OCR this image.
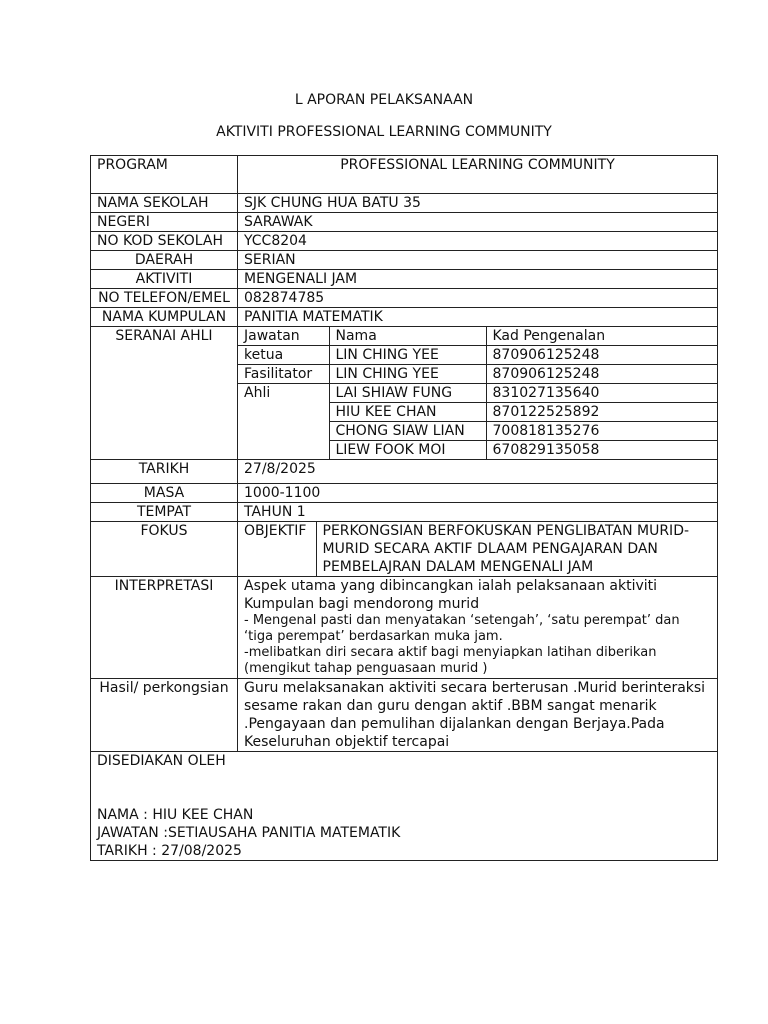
L APORAN PELAKSANAAN
AKTIVITI PROFESSIONAL LEARNING COMMUNITY
PROGRAM	PROFESSIONAL LEARNING COMMUNITY
NAMA SEKOLAH	SJK CHUNG HUA BATU 35
NEGERI	SARAWAK
NO KOD SEKOLAH	YCC8204
DAERAH	SERIAN
AKTIVITI	MENGENALI JAM
NO TELEFON/EMEL	082874785
NAMA KUMPULAN	PANITIA MATEMATIK
SERANAI AHLI	Jawatan	Nama	Kad Pengenalan
ketua	LIN CHING YEE	870906125248
Fasilitator	LIN CHING YEE	870906125248
Ahli	LAI SHIAW FUNG	831027135640
HIU KEE CHAN	870122525892
CHONG SIAW LIAN	700818135276
LIEW FOOK MOI	670829135058

TARIKH	27/8/2025
MASA	1000-1100
TEMPAT	TAHUN 1
FOKUS		OBJEKTIF	PERKONGSIAN BERFOKUSKAN PENGLIBATAN MURID-MURID SECARA AKTIF DLAAM PENGAJARAN DAN PEMBELAJRAN DALAM MENGENALI JAM

INTERPRETASI	Aspek utama yang dibincangkan ialah pelaksanaan aktiviti Kumpulan bagi mendorong murid
- Mengenal pasti dan menyatakan ‘setengah’, ‘satu perempat’ dan ‘tiga perempat’ berdasarkan muka jam.
-melibatkan diri secara aktif bagi menyiapkan latihan diberikan (mengikut tahap penguasaan murid )

Hasil/ perkongsian	Guru melaksanakan aktiviti secara berterusan .Murid berinteraksi sesame rakan dan guru dengan aktif .BBM sangat menarik .Pengayaan dan pemulihan dijalankan dengan Berjaya.Pada Keseluruhan objektif tercapai

DISEDIAKAN OLEH
NAMA : HIU KEE CHAN
JAWATAN :SETIAUSAHA PANITIA MATEMATIK
TARIKH : 27/08/2025
